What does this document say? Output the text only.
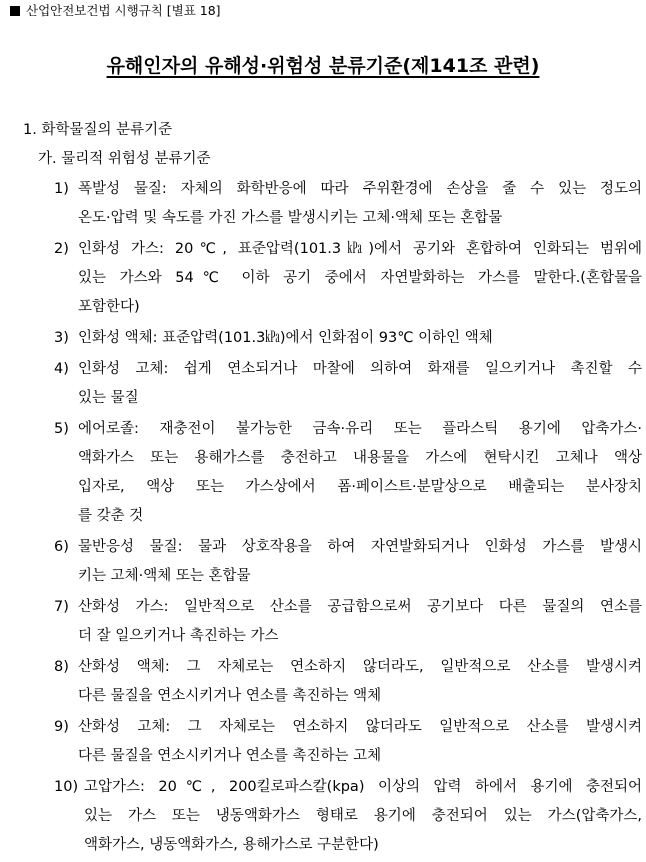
산업안전보건법 시행규칙 [별표 18]
유해인자의 유해성·위험성 분류기준(제141조 관련)
1. 화학물질의 분류기준
가. 물리적 위험성 분류기준
1) 폭발성 물질: 자체의 화학반응에 따라 주위환경에 손상을 줄 수 있는 정도의
온도·압력 및 속도를 가진 가스를 발생시키는 고체·액체 또는 혼합물
2) 인화성 가스: 20℃, 표준압력(101.3㎪)에서 공기와 혼합하여 인화되는 범위에
있는 가스와 54℃ 이하 공기 중에서 자연발화하는 가스를 말한다.(혼합물을
포함한다)
3) 인화성 액체: 표준압력(101.3㎪)에서 인화점이 93℃ 이하인 액체
4) 인화성 고체: 쉽게 연소되거나 마찰에 의하여 화재를 일으키거나 촉진할 수
있는 물질
5) 에어로졸: 재충전이 불가능한 금속·유리 또는 플라스틱 용기에 압축가스·
액화가스 또는 용해가스를 충전하고 내용물을 가스에 현탁시킨 고체나 액상
입자로, 액상 또는 가스상에서 폼·페이스트·분말상으로 배출되는 분사장치
를 갖춘 것
6) 물반응성 물질: 물과 상호작용을 하여 자연발화되거나 인화성 가스를 발생시
키는 고체·액체 또는 혼합물
7) 산화성 가스: 일반적으로 산소를 공급함으로써 공기보다 다른 물질의 연소를
더 잘 일으키거나 촉진하는 가스
8) 산화성 액체: 그 자체로는 연소하지 않더라도, 일반적으로 산소를 발생시켜
다른 물질을 연소시키거나 연소를 촉진하는 액체
9) 산화성 고체: 그 자체로는 연소하지 않더라도 일반적으로 산소를 발생시켜
다른 물질을 연소시키거나 연소를 촉진하는 고체
10) 고압가스: 20℃, 200킬로파스칼(kpa) 이상의 압력 하에서 용기에 충전되어
있는 가스 또는 냉동액화가스 형태로 용기에 충전되어 있는 가스(압축가스,
액화가스, 냉동액화가스, 용해가스로 구분한다)
